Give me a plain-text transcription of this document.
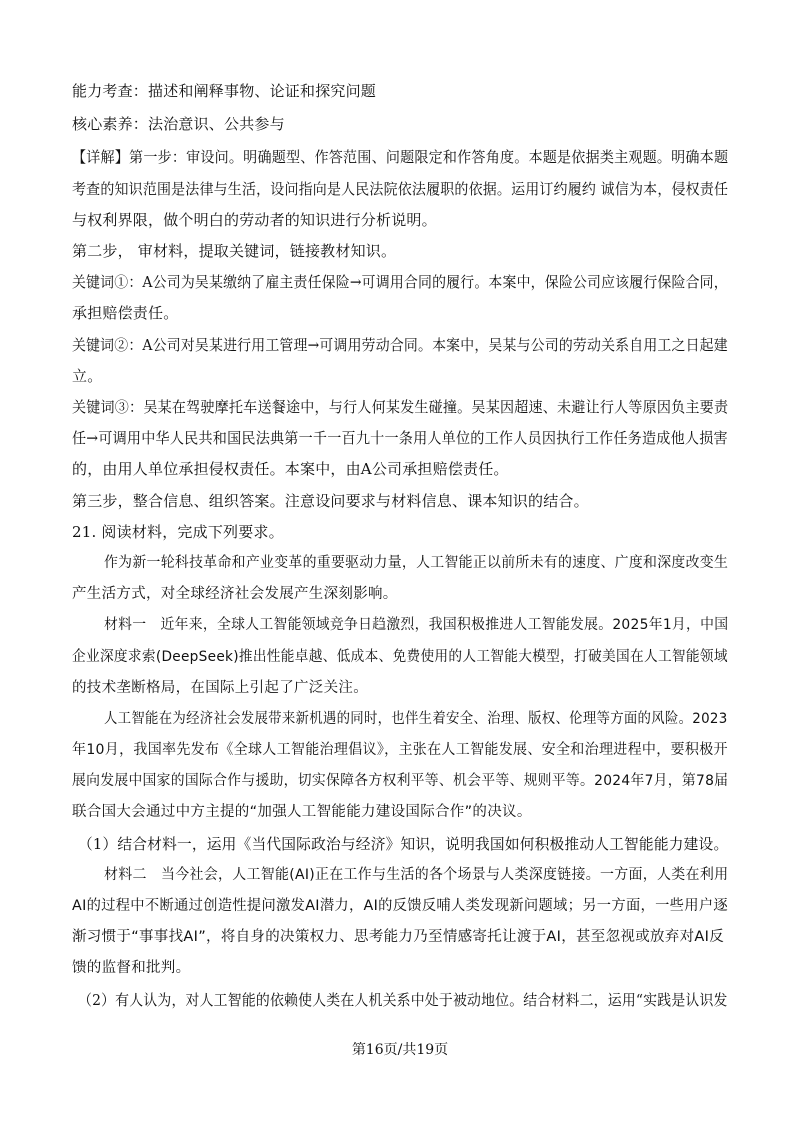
能力考查：描述和阐释事物、论证和探究问题
核心素养：法治意识、公共参与
【详解】第一步：审设问。明确题型、作答范围、问题限定和作答角度。本题是依据类主观题。明确本题
考查的知识范围是法律与生活，设问指向是人民法院依法履职的依据。运用订约履约 诚信为本，侵权责任
与权利界限，做个明白的劳动者的知识进行分析说明。
第二步， 审材料，提取关键词，链接教材知识。
关键词①：A公司为吴某缴纳了雇主责任保险→可调用合同的履行。本案中，保险公司应该履行保险合同，
承担赔偿责任。
关键词②：A公司对吴某进行用工管理→可调用劳动合同。本案中，吴某与公司的劳动关系自用工之日起建
立。
关键词③：吴某在驾驶摩托车送餐途中，与行人何某发生碰撞。吴某因超速、未避让行人等原因负主要责
任→可调用中华人民共和国民法典第一千一百九十一条用人单位的工作人员因执行工作任务造成他人损害
的，由用人单位承担侵权责任。本案中，由A公司承担赔偿责任。
第三步，整合信息、组织答案。注意设问要求与材料信息、课本知识的结合。
21. 阅读材料，完成下列要求。
作为新一轮科技革命和产业变革的重要驱动力量，人工智能正以前所未有的速度、广度和深度改变生
产生活方式，对全球经济社会发展产生深刻影响。
材料一　近年来，全球人工智能领域竞争日趋激烈，我国积极推进人工智能发展。2025年1月，中国
企业深度求索(DeepSeek)推出性能卓越、低成本、免费使用的人工智能大模型，打破美国在人工智能领域
的技术垄断格局，在国际上引起了广泛关注。
人工智能在为经济社会发展带来新机遇的同时，也伴生着安全、治理、版权、伦理等方面的风险。2023
年10月，我国率先发布《全球人工智能治理倡议》，主张在人工智能发展、安全和治理进程中，要积极开
展向发展中国家的国际合作与援助，切实保障各方权利平等、机会平等、规则平等。2024年7月，第78届
联合国大会通过中方主提的“加强人工智能能力建设国际合作”的决议。
（1）结合材料一，运用《当代国际政治与经济》知识，说明我国如何积极推动人工智能能力建设。
材料二　当今社会，人工智能(AI)正在工作与生活的各个场景与人类深度链接。一方面，人类在利用
AI的过程中不断通过创造性提问激发AI潜力，AI的反馈反哺人类发现新问题域；另一方面，一些用户逐
渐习惯于“事事找AI”，将自身的决策权力、思考能力乃至情感寄托让渡于AI，甚至忽视或放弃对AI反
馈的监督和批判。
（2）有人认为，对人工智能的依赖使人类在人机关系中处于被动地位。结合材料二，运用“实践是认识发
第16页/共19页
